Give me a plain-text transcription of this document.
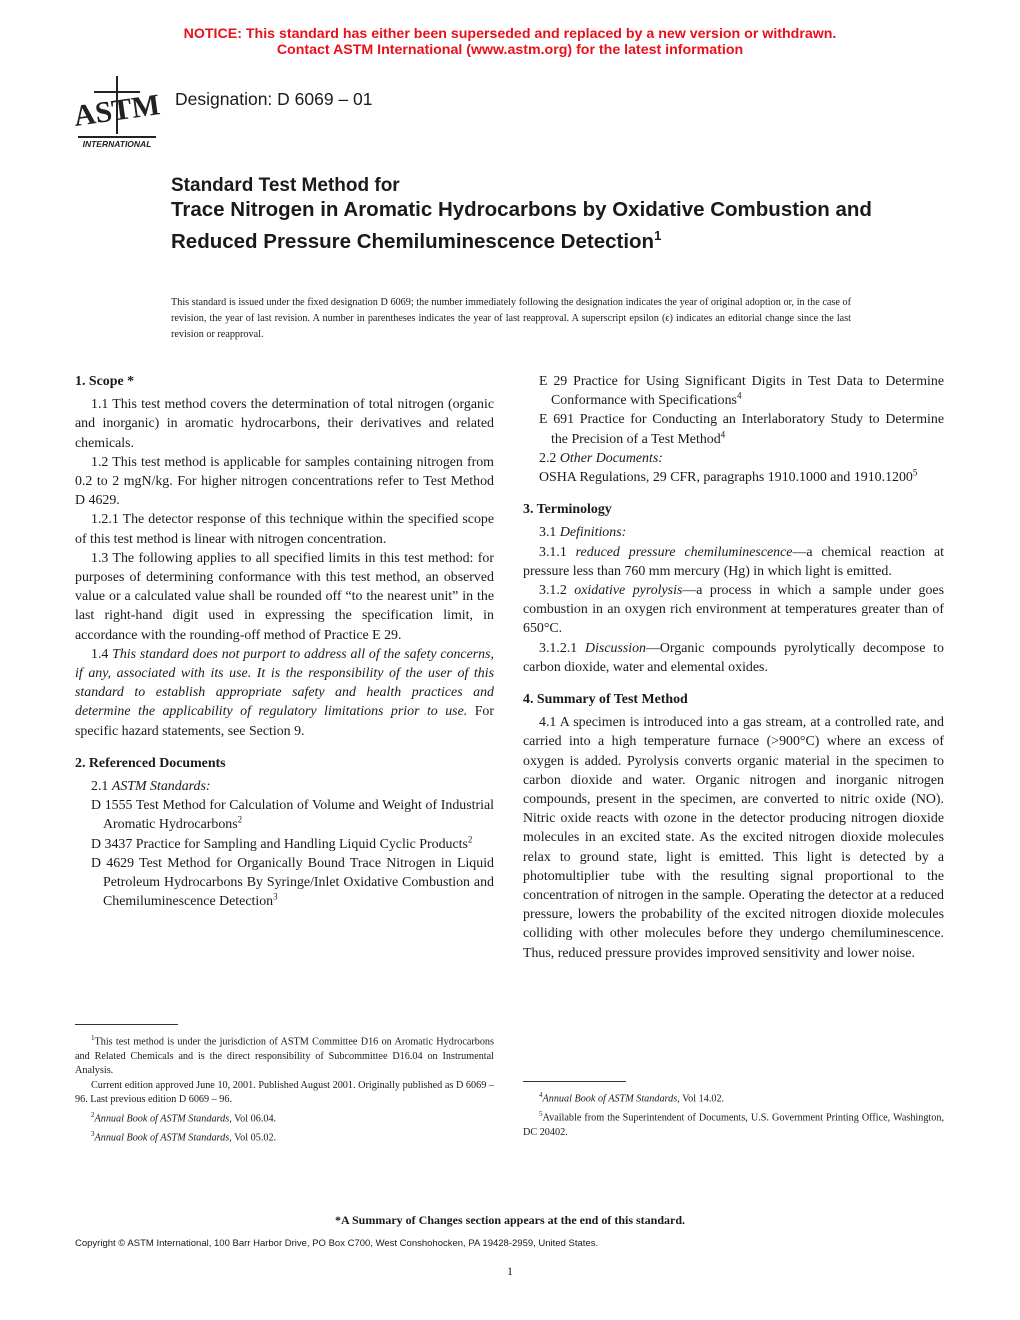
NOTICE: This standard has either been superseded and replaced by a new version or withdrawn.
Contact ASTM International (www.astm.org) for the latest information
ASTM
INTERNATIONAL
Designation: D 6069 – 01
Standard Test Method for
Trace Nitrogen in Aromatic Hydrocarbons by Oxidative Combustion and Reduced Pressure Chemiluminescence Detection$^1$
This standard is issued under the fixed designation D 6069; the number immediately following the designation indicates the year of original adoption or, in the case of revision, the year of last revision. A number in parentheses indicates the year of last reapproval. A superscript epsilon (ϵ) indicates an editorial change since the last revision or reapproval.

1. Scope *

1.1 This test method covers the determination of total nitrogen (organic and inorganic) in aromatic hydrocarbons, their derivatives and related chemicals.

1.2 This test method is applicable for samples containing nitrogen from 0.2 to 2 mgN/kg. For higher nitrogen concentrations refer to Test Method D 4629.

1.2.1 The detector response of this technique within the specified scope of this test method is linear with nitrogen concentration.

1.3 The following applies to all specified limits in this test method: for purposes of determining conformance with this test method, an observed value or a calculated value shall be rounded off “to the nearest unit” in the last right-hand digit used in expressing the specification limit, in accordance with the rounding-off method of Practice E 29.

1.4 This standard does not purport to address all of the safety concerns, if any, associated with its use. It is the responsibility of the user of this standard to establish appropriate safety and health practices and determine the applicability of regulatory limitations prior to use. For specific hazard statements, see Section 9.

2. Referenced Documents

2.1 ASTM Standards:

D 1555 Test Method for Calculation of Volume and Weight of Industrial Aromatic Hydrocarbons$^2$

D 3437 Practice for Sampling and Handling Liquid Cyclic Products$^2$

D 4629 Test Method for Organically Bound Trace Nitrogen in Liquid Petroleum Hydrocarbons By Syringe/Inlet Oxidative Combustion and Chemiluminescence Detection$^3$

$^1$This test method is under the jurisdiction of ASTM Committee D16 on Aromatic Hydrocarbons and Related Chemicals and is the direct responsibility of Subcommittee D16.04 on Instrumental Analysis.

Current edition approved June 10, 2001. Published August 2001. Originally published as D 6069 – 96. Last previous edition D 6069 – 96.

$^2$Annual Book of ASTM Standards, Vol 06.04.

$^3$Annual Book of ASTM Standards, Vol 05.02.

E 29 Practice for Using Significant Digits in Test Data to Determine Conformance with Specifications$^4$

E 691 Practice for Conducting an Interlaboratory Study to Determine the Precision of a Test Method$^4$

2.2 Other Documents:

OSHA Regulations, 29 CFR, paragraphs 1910.1000 and 1910.1200$^5$

3. Terminology

3.1 Definitions:

3.1.1 reduced pressure chemiluminescence—a chemical reaction at pressure less than 760 mm mercury (Hg) in which light is emitted.

3.1.2 oxidative pyrolysis—a process in which a sample under goes combustion in an oxygen rich environment at temperatures greater than of 650°C.

3.1.2.1 Discussion—Organic compounds pyrolytically decompose to carbon dioxide, water and elemental oxides.

4. Summary of Test Method

4.1 A specimen is introduced into a gas stream, at a controlled rate, and carried into a high temperature furnace (>900°C) where an excess of oxygen is added. Pyrolysis converts organic material in the specimen to carbon dioxide and water. Organic nitrogen and inorganic nitrogen compounds, present in the specimen, are converted to nitric oxide (NO). Nitric oxide reacts with ozone in the detector producing nitrogen dioxide molecules in an excited state. As the excited nitrogen dioxide molecules relax to ground state, light is emitted. This light is detected by a photomultiplier tube with the resulting signal proportional to the concentration of nitrogen in the sample. Operating the detector at a reduced pressure, lowers the probability of the excited nitrogen dioxide molecules colliding with other molecules before they undergo chemiluminescence. Thus, reduced pressure provides improved sensitivity and lower noise.

$^4$Annual Book of ASTM Standards, Vol 14.02.

$^5$Available from the Superintendent of Documents, U.S. Government Printing Office, Washington, DC 20402.

*A Summary of Changes section appears at the end of this standard.
Copyright © ASTM International, 100 Barr Harbor Drive, PO Box C700, West Conshohocken, PA 19428-2959, United States.
1
